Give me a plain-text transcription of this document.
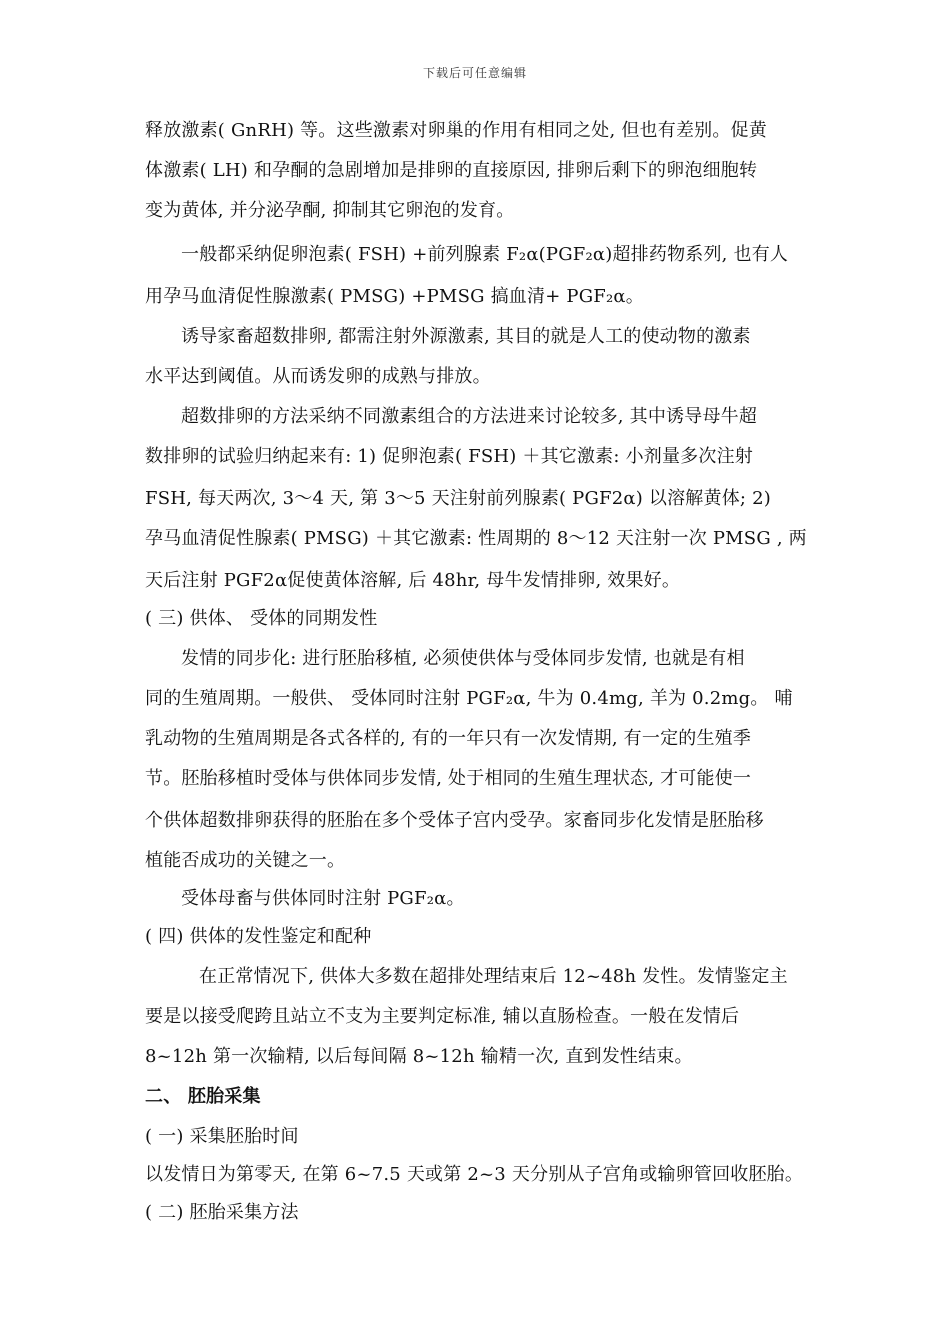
下载后可任意编辑
释放激素( GnRH) 等。这些激素对卵巢的作用有相同之处, 但也有差别。促黄
体激素( LH) 和孕酮的急剧增加是排卵的直接原因, 排卵后剩下的卵泡细胞转
变为黄体, 并分泌孕酮, 抑制其它卵泡的发育。
一般都采纳促卵泡素( FSH) +前列腺素 F₂α(PGF₂α)超排药物系列, 也有人
用孕马血清促性腺激素( PMSG) +PMSG 搞血清+ PGF₂α。
诱导家畜超数排卵, 都需注射外源激素, 其目的就是人工的使动物的激素
水平达到阈值。从而诱发卵的成熟与排放。
超数排卵的方法采纳不同激素组合的方法进来讨论较多, 其中诱导母牛超
数排卵的试验归纳起来有: 1) 促卵泡素( FSH) ＋其它激素: 小剂量多次注射
FSH, 每天两次, 3～4 天, 第 3～5 天注射前列腺素( PGF2α) 以溶解黄体; 2)
孕马血清促性腺素( PMSG) ＋其它激素: 性周期的 8～12 天注射一次 PMSG , 两
天后注射 PGF2α促使黄体溶解, 后 48hr, 母牛发情排卵, 效果好。
( 三) 供体、 受体的同期发性
发情的同步化: 进行胚胎移植, 必须使供体与受体同步发情, 也就是有相
同的生殖周期。一般供、 受体同时注射 PGF₂α, 牛为 0.4mg, 羊为 0.2mg。 哺
乳动物的生殖周期是各式各样的, 有的一年只有一次发情期, 有一定的生殖季
节。胚胎移植时受体与供体同步发情, 处于相同的生殖生理状态, 才可能使一
个供体超数排卵获得的胚胎在多个受体子宫内受孕。家畜同步化发情是胚胎移
植能否成功的关键之一。
受体母畜与供体同时注射 PGF₂α。
( 四) 供体的发性鉴定和配种
在正常情况下, 供体大多数在超排处理结束后 12~48h 发性。发情鉴定主
要是以接受爬跨且站立不支为主要判定标准, 辅以直肠检查。一般在发情后
8~12h 第一次输精, 以后每间隔 8~12h 输精一次, 直到发性结束。
二、 胚胎采集
( 一) 采集胚胎时间
以发情日为第零天, 在第 6~7.5 天或第 2~3 天分别从子宫角或输卵管回收胚胎。
( 二) 胚胎采集方法
